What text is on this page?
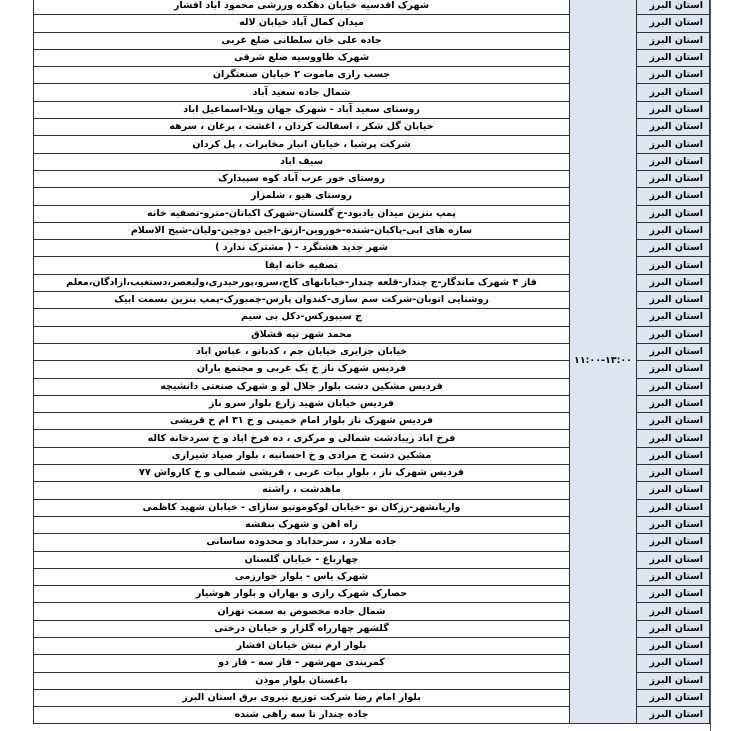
استان البرز	۱۱:۰۰-۱۳:۰۰	شهرک اقدسیه خیابان دهکده ورزشی محمود آباد افشار
استان البرز		میدان کمال آباد خیابان لاله
استان البرز		جاده علی خان سلطانی ضلع غربی
استان البرز		شهرک طاووسیه ضلع شرقی
استان البرز		جسب رازی ماموت ۲ خیابان صنعتگران
استان البرز		شمال جاده سعید آباد
استان البرز		روستای سعید آباد - شهرک جهان ویلا-اسماعیل اباد
استان البرز		خیابان گل شکر ، اسفالت کردان ، اغشت ، برغان ، سرهه
استان البرز		شرکت پرشیا ، خیابان انبار مخابرات ، پل کردان
استان البرز		سیف اباد
استان البرز		روستای خور عرب آباد کوه سپیدارک
استان البرز		روستای هیو ، شلمزار
استان البرز		پمپ بنزین میدان یادبود-خ گلستان-شهرک اکباتان-مترو-تصفیه خانه
استان البرز		سازه های ابی-پاکبان-شنده-خوروین-ازنق-اجین دوجین-ولیان-شیخ الاسلام
استان البرز		شهر جدید هشتگرد - ( مشترک ندارد )
استان البرز		تصفیه خانه ایقا
استان البرز		فاز ۴ شهرک ماندگار-ج چندار-قلعه چندار-خیابانهای کاج،سرو،پورحیدری،ولیعصر،دستغیب،ازادگان،معلم
استان البرز		روشنایی اتوبان-شرکت سم سازی-کندوان پارس-چمبورک-پمپ بنزین بسمت ابیک
استان البرز		ج سیپورکس-دکل بی سیم
استان البرز		محمد شهر تپه قشلاق
استان البرز		خیابان جزایری خیابان جم ، کدبانو ، عباس اباد
استان البرز		فردیس شهرک ناز خ یک غربی و مجتمع باران
استان البرز		فردیس مشکین دشت بلوار جلال لو و شهرک صنعتی دانشیچه
استان البرز		فردیس خیابان شهید زارع بلوار سرو ناز
استان البرز		فردیس شهرک ناز بلوار امام خمینی و خ ۳۱ ام خ قریشی
استان البرز		فرخ اباد زیبادشت شمالی و مرکزی ، ده فرخ اباد و خ سردخانه کاله
استان البرز		مشکین دشت خ مرادی و خ احسانیه ، بلوار صیاد شیرازی
استان البرز		فردیس شهرک ناز ، بلوار بیات غربی ، قریشی شمالی و خ کارواش ۷۷
استان البرز		ماهدشت ، راشته
استان البرز		واریانشهر-رزکان نو -خیابان لوکوموتیو سازای - خیابان شهید کاظمی
استان البرز		راه اهن و شهرک بنفشه
استان البرز		جاده ملارد ، سرحداباد و محدوده ساسانی
استان البرز		چهارباغ - خیابان گلستان
استان البرز		شهرک یاس - بلوار خوارزمی
استان البرز		حصارک شهرک رازی و بهاران و بلوار هوشیار
استان البرز		شمال جاده مخصوص به سمت تهران
استان البرز		گلشهر چهارراه گلزار و خیابان درختی
استان البرز		بلوار ارم نبش خیابان افشار
استان البرز		کمربندی مهرشهر - فاز سه - فاز دو
استان البرز		باغستان بلوار موذن
استان البرز		بلوار امام رضا شرکت توزیع نیروی برق استان البرز
استان البرز		جاده چندار تا سه راهی شنده
